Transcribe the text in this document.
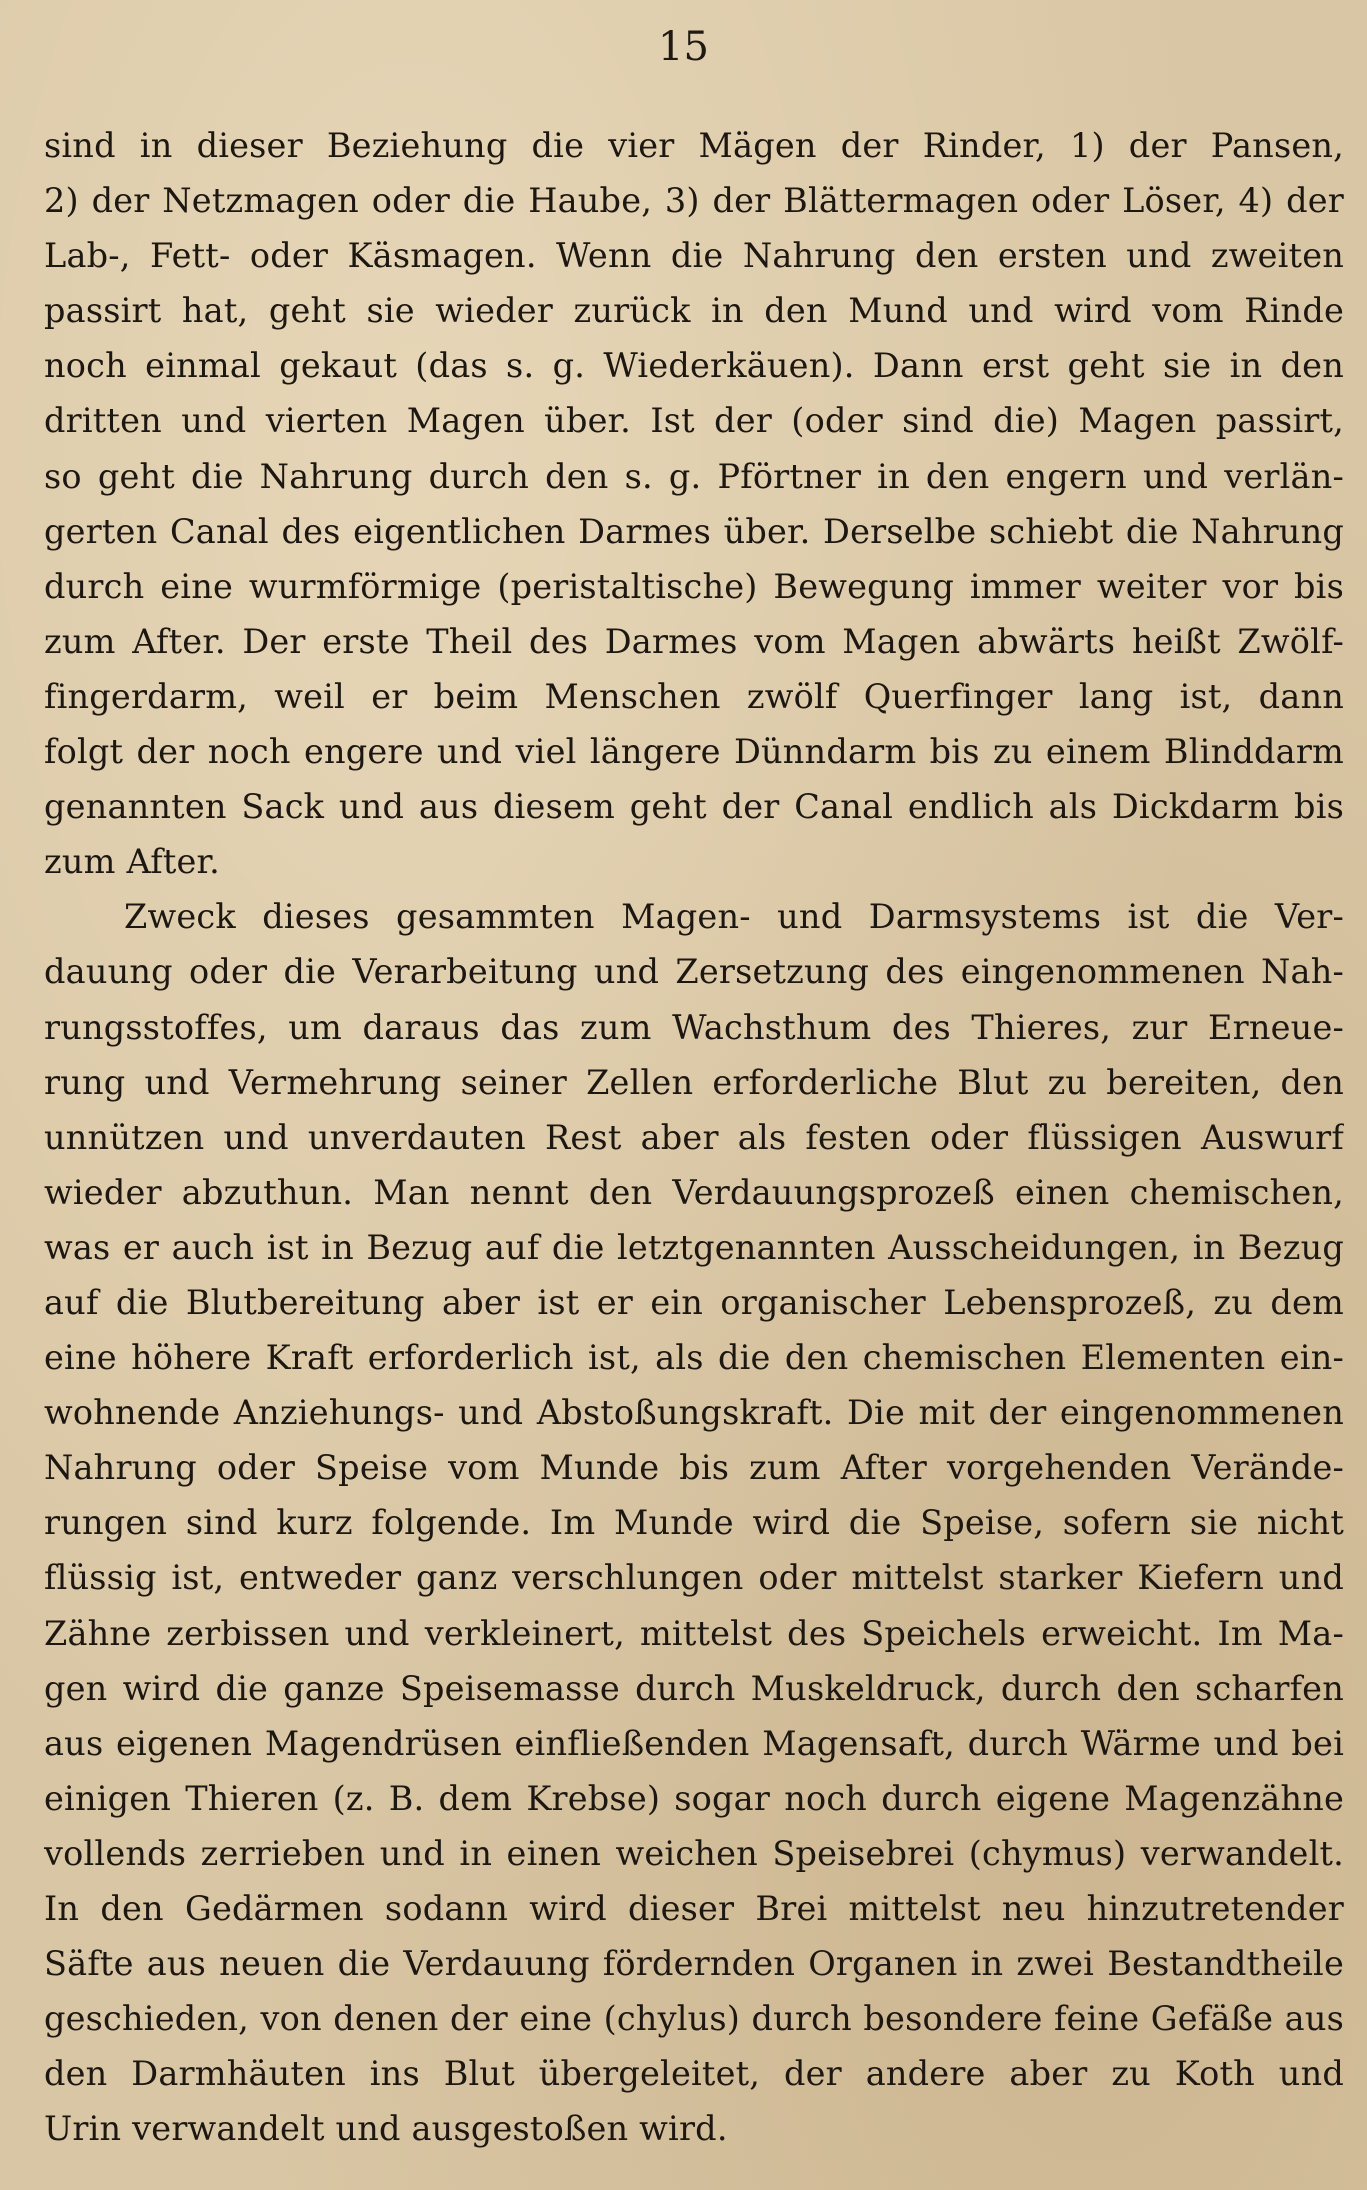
15
sind in dieser Beziehung die vier Mägen der Rinder, 1) der Pansen,
2) der Netzmagen oder die Haube, 3) der Blättermagen oder Löser, 4) der
Lab-, Fett- oder Käsmagen. Wenn die Nahrung den ersten und zweiten
passirt hat, geht sie wieder zurück in den Mund und wird vom Rinde
noch einmal gekaut (das s. g. Wiederkäuen). Dann erst geht sie in den
dritten und vierten Magen über. Ist der (oder sind die) Magen passirt,
so geht die Nahrung durch den s. g. Pförtner in den engern und verlän-
gerten Canal des eigentlichen Darmes über. Derselbe schiebt die Nahrung
durch eine wurmförmige (peristaltische) Bewegung immer weiter vor bis
zum After. Der erste Theil des Darmes vom Magen abwärts heißt Zwölf-
fingerdarm, weil er beim Menschen zwölf Querfinger lang ist, dann
folgt der noch engere und viel längere Dünndarm bis zu einem Blinddarm
genannten Sack und aus diesem geht der Canal endlich als Dickdarm bis
zum After.
Zweck dieses gesammten Magen- und Darmsystems ist die Ver-
dauung oder die Verarbeitung und Zersetzung des eingenommenen Nah-
rungsstoffes, um daraus das zum Wachsthum des Thieres, zur Erneue-
rung und Vermehrung seiner Zellen erforderliche Blut zu bereiten, den
unnützen und unverdauten Rest aber als festen oder flüssigen Auswurf
wieder abzuthun. Man nennt den Verdauungsprozeß einen chemischen,
was er auch ist in Bezug auf die letztgenannten Ausscheidungen, in Bezug
auf die Blutbereitung aber ist er ein organischer Lebensprozeß, zu dem
eine höhere Kraft erforderlich ist, als die den chemischen Elementen ein-
wohnende Anziehungs- und Abstoßungskraft. Die mit der eingenommenen
Nahrung oder Speise vom Munde bis zum After vorgehenden Verände-
rungen sind kurz folgende. Im Munde wird die Speise, sofern sie nicht
flüssig ist, entweder ganz verschlungen oder mittelst starker Kiefern und
Zähne zerbissen und verkleinert, mittelst des Speichels erweicht. Im Ma-
gen wird die ganze Speisemasse durch Muskeldruck, durch den scharfen
aus eigenen Magendrüsen einfließenden Magensaft, durch Wärme und bei
einigen Thieren (z. B. dem Krebse) sogar noch durch eigene Magenzähne
vollends zerrieben und in einen weichen Speisebrei (chymus) verwandelt.
In den Gedärmen sodann wird dieser Brei mittelst neu hinzutretender
Säfte aus neuen die Verdauung fördernden Organen in zwei Bestandtheile
geschieden, von denen der eine (chylus) durch besondere feine Gefäße aus
den Darmhäuten ins Blut übergeleitet, der andere aber zu Koth und
Urin verwandelt und ausgestoßen wird.
